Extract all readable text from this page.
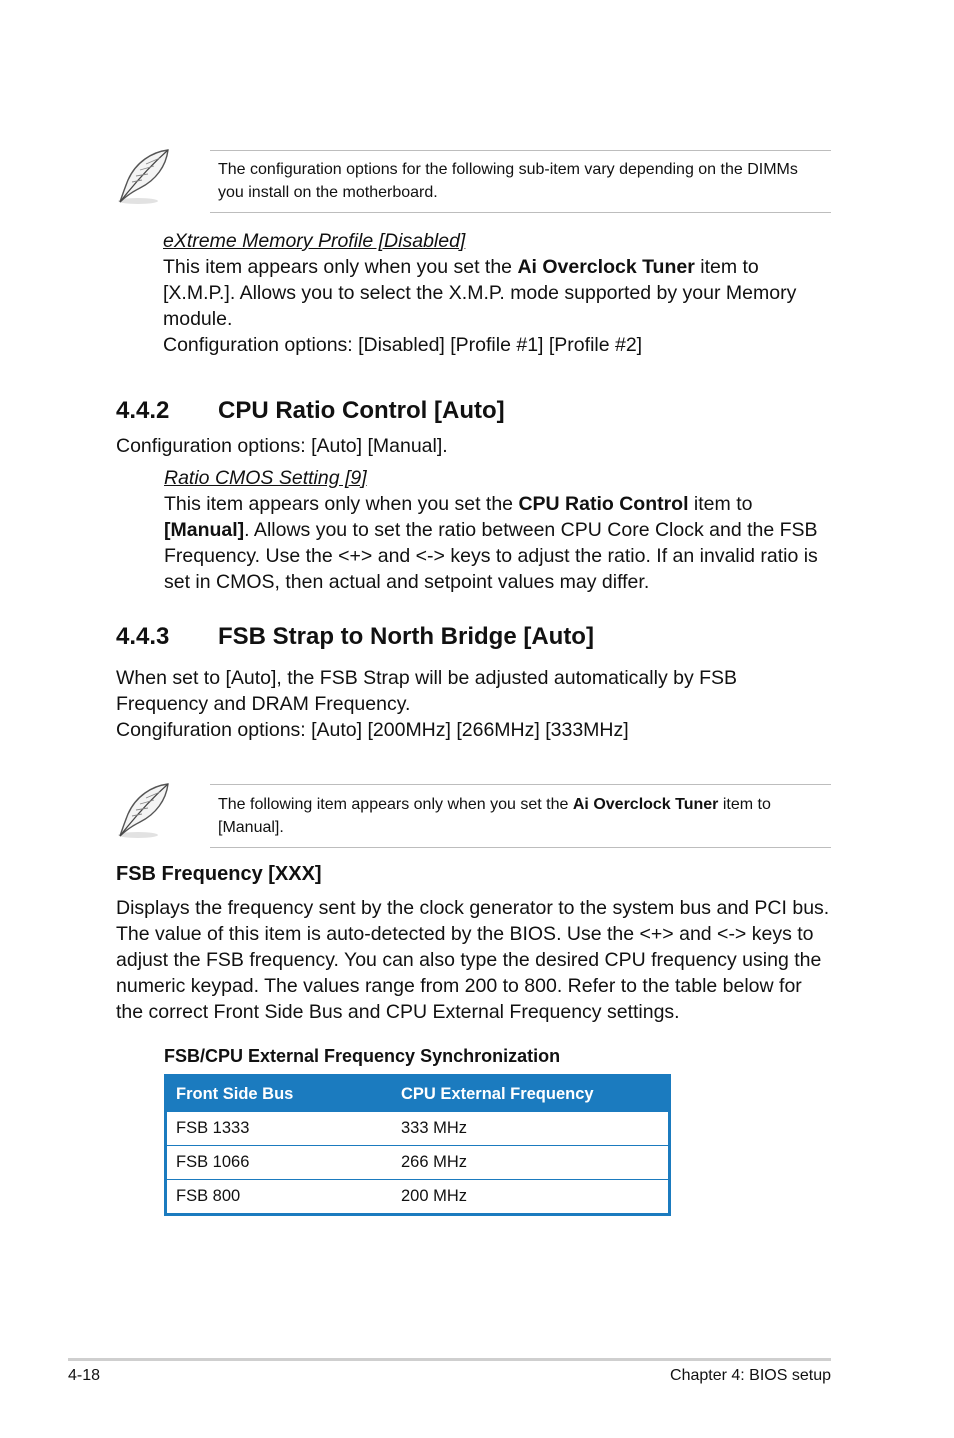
The configuration options for the following sub-item vary depending on the DIMMs you install on the motherboard.

eXtreme Memory Profile [Disabled]

This item appears only when you set the Ai Overclock Tuner item to [X.M.P.]. Allows you to select the X.M.P. mode supported by your Memory module.

Configuration options: [Disabled] [Profile #1] [Profile #2]

4.4.2 CPU Ratio Control [Auto]

Configuration options: [Auto] [Manual].

Ratio CMOS Setting [9]

This item appears only when you set the CPU Ratio Control item to [Manual]. Allows you to set the ratio between CPU Core Clock and the FSB Frequency. Use the <+> and <-> keys to adjust the ratio. If an invalid ratio is set in CMOS, then actual and setpoint values may differ.

4.4.3 FSB Strap to North Bridge [Auto]

When set to [Auto], the FSB Strap will be adjusted automatically by FSB Frequency and DRAM Frequency.

Congifuration options: [Auto] [200MHz] [266MHz] [333MHz]

The following item appears only when you set the Ai Overclock Tuner item to [Manual].

FSB Frequency [XXX]

Displays the frequency sent by the clock generator to the system bus and PCI bus. The value of this item is auto-detected by the BIOS. Use the <+> and <-> keys to adjust the FSB frequency. You can also type the desired CPU frequency using the numeric keypad. The values range from 200 to 800. Refer to the table below for the correct Front Side Bus and CPU External Frequency settings.

FSB/CPU External Frequency Synchronization

Front Side Bus	CPU External Frequency
FSB 1333	333 MHz
FSB 1066	266 MHz
FSB 800	200 MHz
4-18	Chapter 4: BIOS setup
